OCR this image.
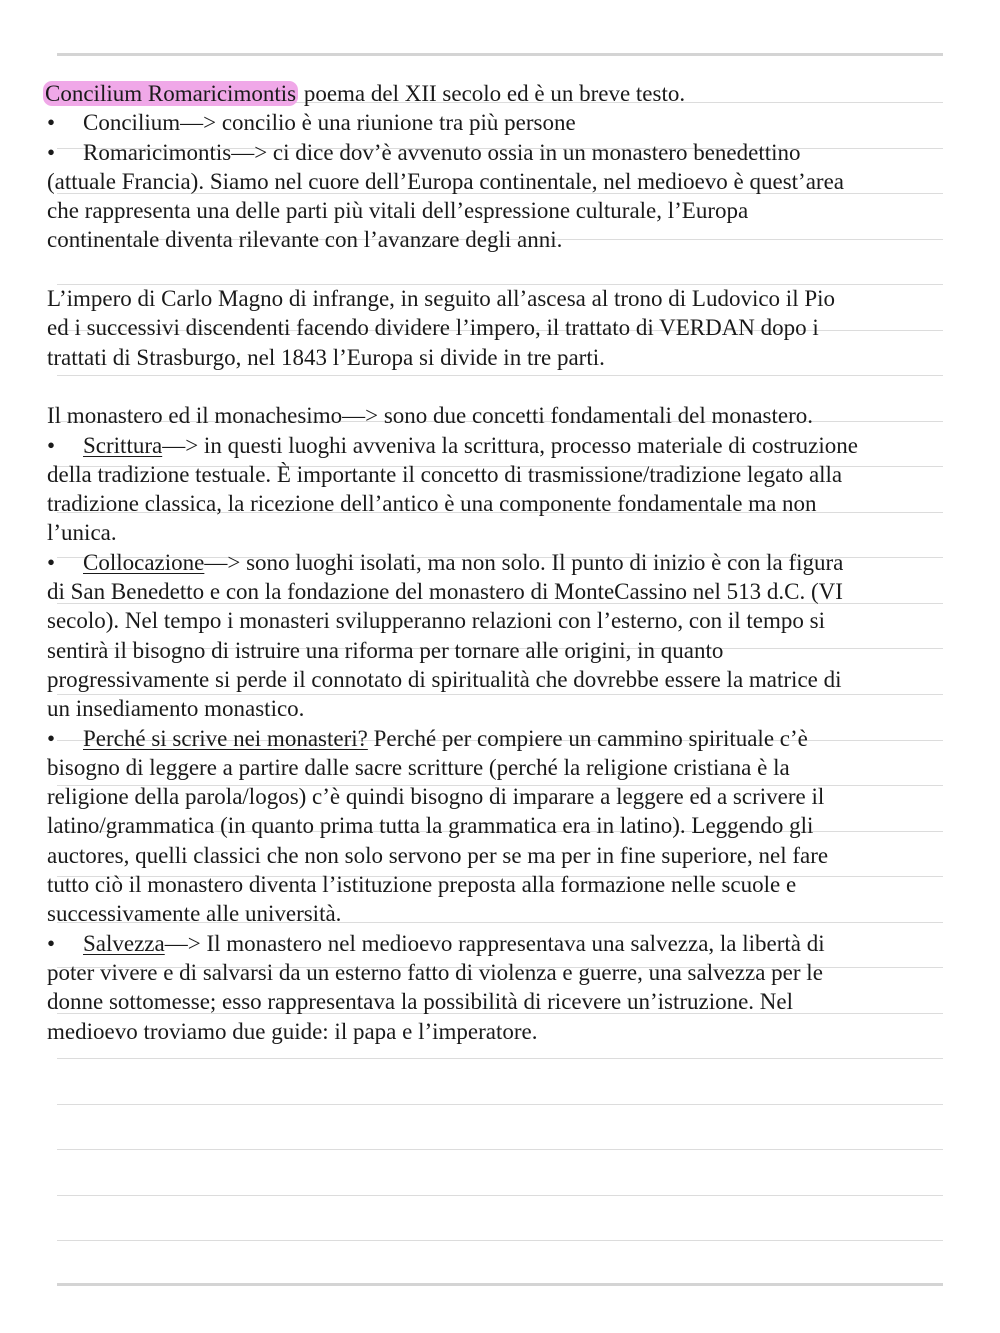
Concilium Romaricimontis poema del XII secolo ed è un breve testo.
• Concilium—> concilio è una riunione tra più persone
• Romaricimontis—> ci dice dov’è avvenuto ossia in un monastero benedettino
(attuale Francia). Siamo nel cuore dell’Europa continentale, nel medioevo è quest’area
che rappresenta una delle parti più vitali dell’espressione culturale, l’Europa
continentale diventa rilevante con l’avanzare degli anni.
L’impero di Carlo Magno di infrange, in seguito all’ascesa al trono di Ludovico il Pio
ed i successivi discendenti facendo dividere l’impero, il trattato di VERDAN dopo i
trattati di Strasburgo, nel 1843 l’Europa si divide in tre parti.
Il monastero ed il monachesimo—> sono due concetti fondamentali del monastero.
• Scrittura—> in questi luoghi avveniva la scrittura, processo materiale di costruzione
della tradizione testuale. È importante il concetto di trasmissione/tradizione legato alla
tradizione classica, la ricezione dell’antico è una componente fondamentale ma non
l’unica.
• Collocazione—> sono luoghi isolati, ma non solo. Il punto di inizio è con la figura
di San Benedetto e con la fondazione del monastero di MonteCassino nel 513 d.C. (VI
secolo). Nel tempo i monasteri svilupperanno relazioni con l’esterno, con il tempo si
sentirà il bisogno di istruire una riforma per tornare alle origini, in quanto
progressivamente si perde il connotato di spiritualità che dovrebbe essere la matrice di
un insediamento monastico.
• Perché si scrive nei monasteri? Perché per compiere un cammino spirituale c’è
bisogno di leggere a partire dalle sacre scritture (perché la religione cristiana è la
religione della parola/logos) c’è quindi bisogno di imparare a leggere ed a scrivere il
latino/grammatica (in quanto prima tutta la grammatica era in latino). Leggendo gli
auctores, quelli classici che non solo servono per se ma per in fine superiore, nel fare
tutto ciò il monastero diventa l’istituzione preposta alla formazione nelle scuole e
successivamente alle università.
• Salvezza—> Il monastero nel medioevo rappresentava una salvezza, la libertà di
poter vivere e di salvarsi da un esterno fatto di violenza e guerre, una salvezza per le
donne sottomesse; esso rappresentava la possibilità di ricevere un’istruzione. Nel
medioevo troviamo due guide: il papa e l’imperatore.
